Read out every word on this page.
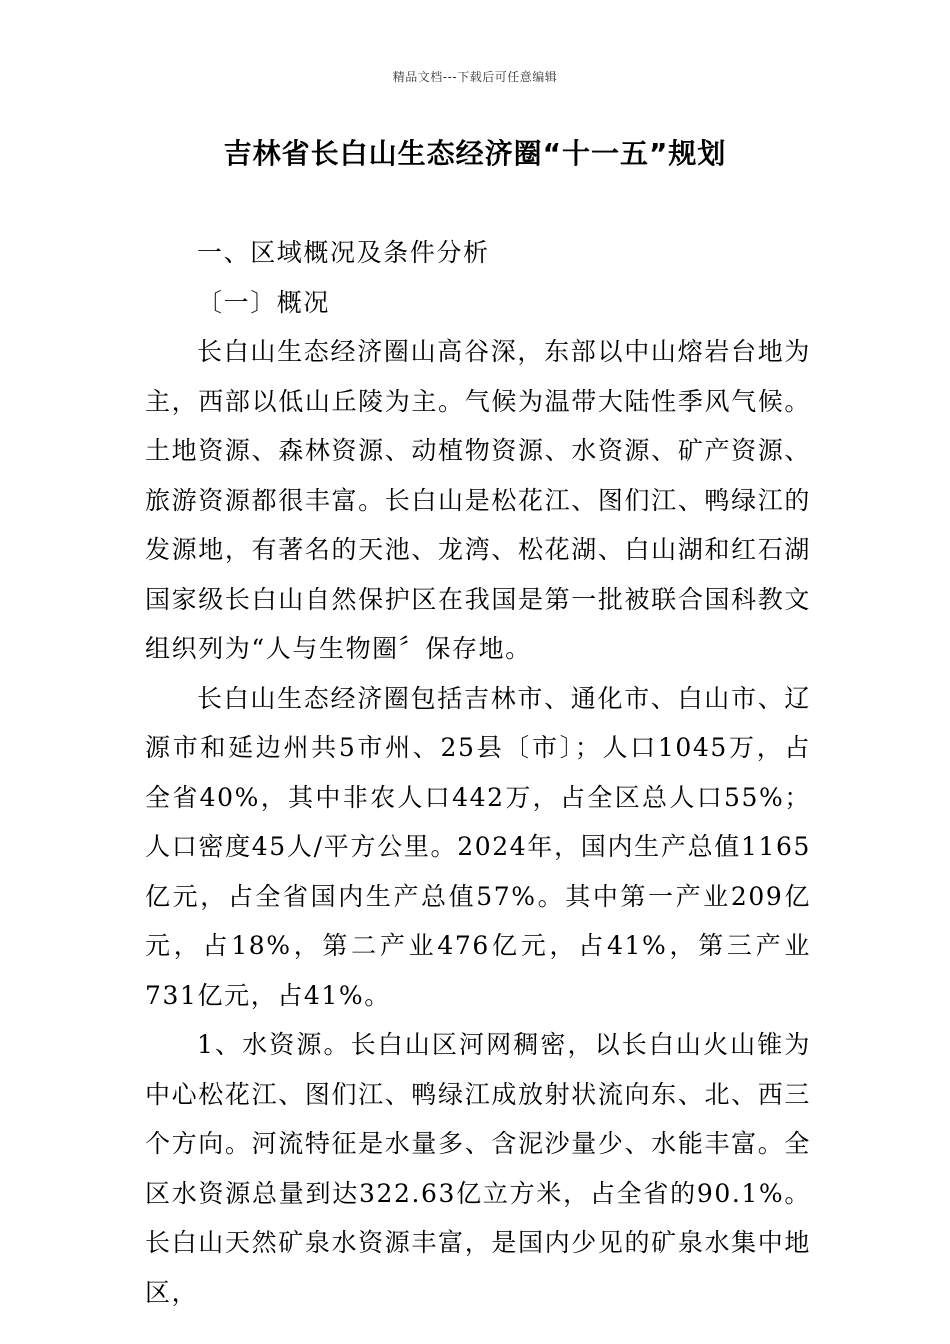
精品文档---下载后可任意编辑
吉林省长白山生态经济圈“十一五”规划

一、区域概况及条件分析

〔一〕概况

长白山生态经济圈山高谷深，东部以中山熔岩台地为主，西部以低山丘陵为主。气候为温带大陆性季风气候。土地资源、森林资源、动植物资源、水资源、矿产资源、旅游资源都很丰富。长白山是松花江、图们江、鸭绿江的发源地，有著名的天池、龙湾、松花湖、白山湖和红石湖国家级长白山自然保护区在我国是第一批被联合国科教文组织列为“人与生物圈〞保存地。

长白山生态经济圈包括吉林市、通化市、白山市、辽源市和延边州共5市州、25县〔市〕；人口1045万，占全省40%，其中非农人口442万，占全区总人口55%；人口密度45人/平方公里。2024年，国内生产总值1165亿元，占全省国内生产总值57%。其中第一产业209亿元，占18%，第二产业476亿元，占41%，第三产业731亿元，占41%。

1、水资源。长白山区河网稠密，以长白山火山锥为中心松花江、图们江、鸭绿江成放射状流向东、北、西三个方向。河流特征是水量多、含泥沙量少、水能丰富。全区水资源总量到达322.63亿立方米，占全省的90.1%。长白山天然矿泉水资源丰富，是国内少见的矿泉水集中地区，
